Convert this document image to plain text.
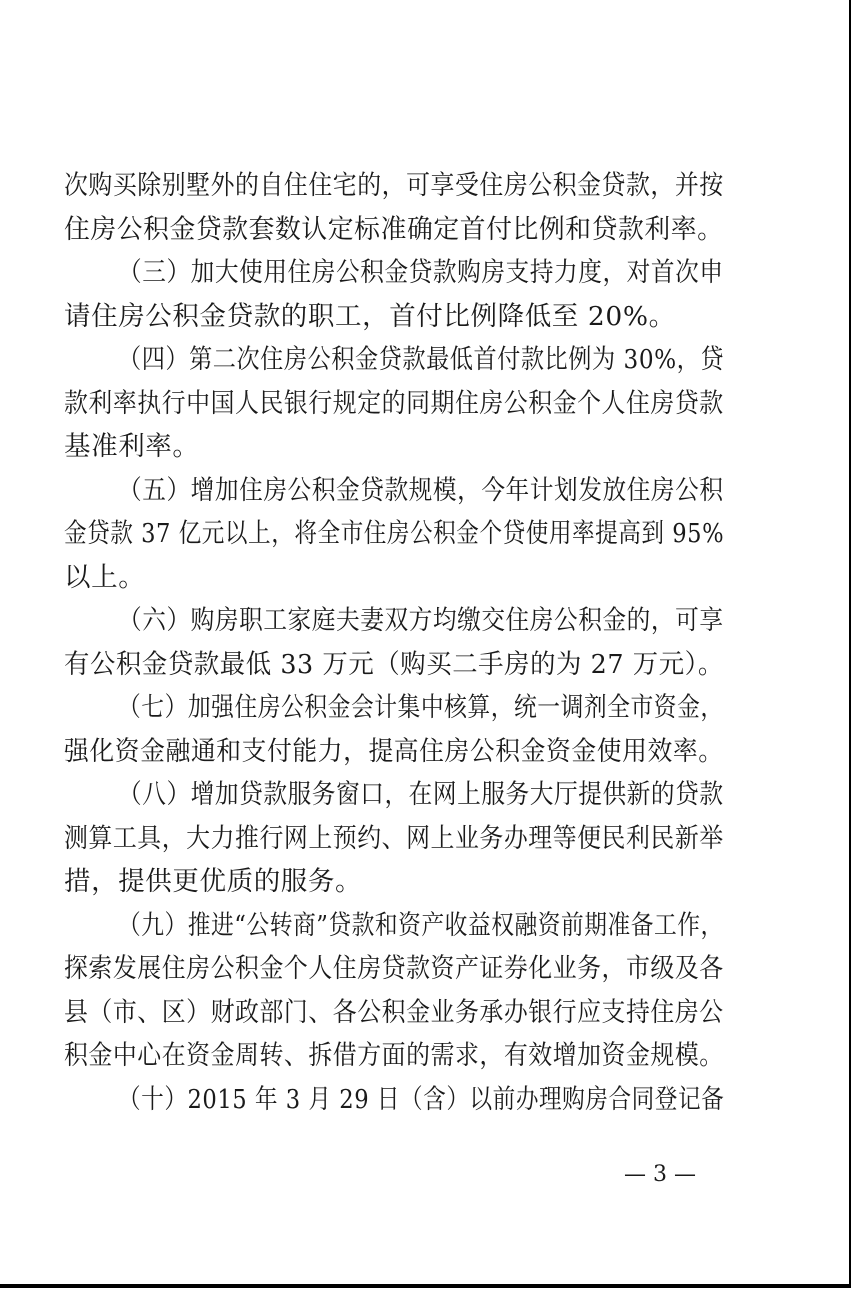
次购买除别墅外的自住住宅的，可享受住房公积金贷款，并按
住房公积金贷款套数认定标准确定首付比例和贷款利率。
（三）加大使用住房公积金贷款购房支持力度，对首次申
请住房公积金贷款的职工，首付比例降低至 20%。
（四）第二次住房公积金贷款最低首付款比例为 30%，贷
款利率执行中国人民银行规定的同期住房公积金个人住房贷款
基准利率。
（五）增加住房公积金贷款规模，今年计划发放住房公积
金贷款 37 亿元以上，将全市住房公积金个贷使用率提高到 95%
以上。
（六）购房职工家庭夫妻双方均缴交住房公积金的，可享
有公积金贷款最低 33 万元（购买二手房的为 27 万元）。
（七）加强住房公积金会计集中核算，统一调剂全市资金，
强化资金融通和支付能力，提高住房公积金资金使用效率。
（八）增加贷款服务窗口，在网上服务大厅提供新的贷款
测算工具，大力推行网上预约、网上业务办理等便民利民新举
措，提供更优质的服务。
（九）推进“公转商”贷款和资产收益权融资前期准备工作，
探索发展住房公积金个人住房贷款资产证券化业务，市级及各
县（市、区）财政部门、各公积金业务承办银行应支持住房公
积金中心在资金周转、拆借方面的需求，有效增加资金规模。
（十）2015 年 3 月 29 日（含）以前办理购房合同登记备
— 3 —
